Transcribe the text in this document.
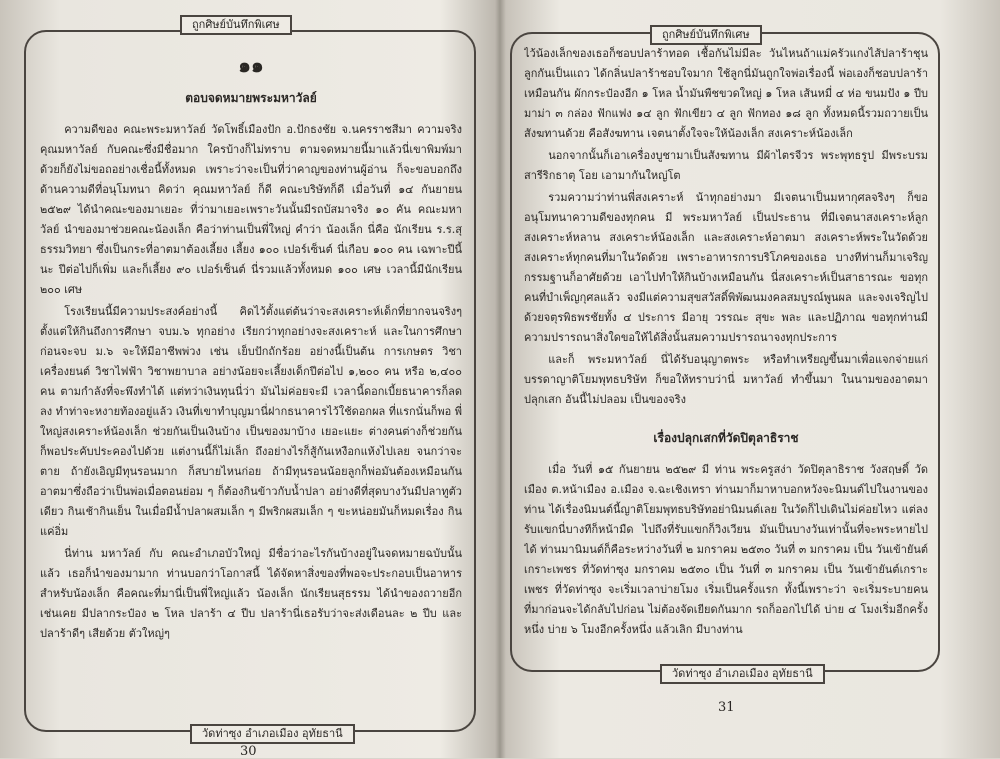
ถูกศิษย์บันทึกพิเศษ
๑๑
ตอบจดหมายพระมหาวัลย์

ความดีของ คณะพระมหาวัลย์ วัดโพธิ์เมืองปัก อ.ปักธงชัย จ.นครราชสีมา ความจริง คุณมหาวัลย์ กับคณะซึ่งมีชื่อมาก ใครบ้างก็ไม่ทราบ ตามจดหมายนี้มาแล้วนี่เขาพิมพ์มาด้วยก็ยังไม่ขอถอย่างเชื่อนี้ทั้งหมด เพราะว่าจะเป็นที่ว่าคาญของท่านผู้อ่าน ก็จะขอบอกถึงด้านความดีที่อนุโมทนา คิดว่า คุณมหาวัลย์ ก็ดี คณะบริษัทก็ดี เมื่อวันที่ ๑๔ กันยายน ๒๕๒๙ ได้นำคณะของมาเยอะ ที่ว่ามาเยอะเพราะวันนั้นมีรถบัสมาจริง ๑๐ คัน คณะมหาวัลย์ นำของมาช่วยคณะน้องเล็ก คือว่าท่านเป็นพี่ใหญ่ คำว่า น้องเล็ก นี่คือ นักเรียน ร.ร.สุธรรมวิทยา ซึ่งเป็นกระที่อาตมาต้องเลี้ยง เลี้ยง ๑๐๐ เปอร์เซ็นต์ นี่เกือบ ๑๐๐ คน เฉพาะปีนี้นะ ปีต่อไปก็เพิ่ม และก็เลี้ยง ๙๐ เปอร์เซ็นต์ นี่รวมแล้วทั้งหมด ๑๐๐ เศษ เวลานี้มีนักเรียน ๒๐๐ เศษ

โรงเรียนนี้มีความประสงค์อย่างนี้ คิดไว้ตั้งแต่ต้นว่าจะสงเคราะห์เด็กที่ยากจนจริงๆ ตั้งแต่ให้กินถึงการศึกษา จบม.๖ ทุกอย่าง เรียกว่าทุกอย่างจะสงเคราะห์ และในการศึกษาก่อนจะจบ ม.๖ จะให้มีอาชีพพ่วง เช่น เย็บปักถักร้อย อย่างนี้เป็นต้น การเกษตร วิชาเครื่องยนต์ วิชาไฟฟ้า วิชาพยาบาล อย่างน้อยจะเลี้ยงเด็กปีต่อไป ๑,๒๐๐ คน หรือ ๒,๔๐๐ คน ตามกำลังที่จะพึงทำได้ แต่ทว่าเงินทุนนี่ว่า มันไม่ค่อยจะมี เวลานี้ดอกเบี้ยธนาคารก็ลดลง ทำท่าจะหงายท้องอยู่แล้ว เงินที่เขาทำบุญมานี่ฝากธนาคารไว้ใช้ดอกผล ที่แรกนั่นก็พอ พี่ใหญ่สงเคราะห์น้องเล็ก ช่วยกันเป็นเงินบ้าง เป็นของมาบ้าง เยอะแยะ ต่างคนต่างก็ช่วยกัน ก็พอประคับประคองไปด้วย แต่งานนี้ก็ไม่เล็ก ถึงอย่างไรก็สู้กันเหงือกแห้งไปเลย จนกว่าจะตาย ถ้ายังเอิญมีทุนรอนมาก ก็สบายไหนก่อย ถ้ามีทุนรอนน้อยลูกก็พ่อมันต้องเหมือนกัน อาตมาซึ่งถือว่าเป็นพ่อเมื่อตอนย่อม ๆ ก็ต้องกินข้าวกับน้ำปลา อย่างดีที่สุดบางวันมีปลาทูตัวเดียว กินเช้ากินเย็น ในเมื่อมีน้ำปลาผสมเล็ก ๆ มีพริกผสมเล็ก ๆ ขะหน่อยมันก็หมดเรื่อง กินแค่อิ่ม

นี่ท่าน มหาวัลย์ กับ คณะอำเภอบัวใหญ่ มีชื่อว่าอะไรกันบ้างอยู่ในจดหมายฉบับนั้นแล้ว เธอก็นำของมามาก ท่านบอกว่าโอกาสนี้ ได้จัดหาสิ่งของที่พอจะประกอบเป็นอาหารสำหรับน้องเล็ก คือคณะที่มานี่เป็นพี่ใหญ่แล้ว น้องเล็ก นักเรียนสุธรรม ได้นำของถวายอีกเช่นเคย มีปลากระป๋อง ๒ โหล ปลาร้า ๔ ปีบ ปลาร้านี่เธอรับว่าจะส่งเดือนละ ๒ ปีบ และปลาร้าดีๆ เสียด้วย ตัวใหญ่ๆ

วัดท่าซุง อำเภอเมือง อุทัยธานี
30
ถูกศิษย์บันทึกพิเศษ

ไว้น้องเล็กของเธอก็ชอบปลาร้าทอด เชื้อกันไม่มีละ วันไหนถ้าแม่ครัวแกงไส้ปลาร้าชุนลูกกันเป็นแถว ได้กลิ่นปลาร้าชอบใจมาก ใช้ลูกนี่มันถูกใจพ่อเรื่องนี้ พ่อเองก็ชอบปลาร้าเหมือนกัน ผักกระป๋องอีก ๑ โหล น้ำมันพืชขวดใหญ่ ๑ โหล เส้นหมี่ ๔ ห่อ ขนมปัง ๑ ปีบ มาม่า ๓ กล่อง ฟักแฟง ๑๔ ลูก ฟักเขียว ๔ ลูก ฟักทอง ๑๘ ลูก ทั้งหมดนี้รวมถวายเป็นสังฆทานด้วย คือสังฆทาน เจตนาตั้งใจจะให้น้องเล็ก สงเคราะห์น้องเล็ก

นอกจากนั้นก็เอาเครื่องบูชามาเป็นสังฆทาน มีผ้าไตรจีวร พระพุทธรูป มีพระบรมสารีริกธาตุ โอย เอามากันใหญ่โต

รวมความว่าท่านพี่สงเคราะห์ น้าทุกอย่างมา มีเจตนาเป็นมหากุศลจริงๆ ก็ขออนุโมทนาความดีของทุกคน มี พระมหาวัลย์ เป็นประธาน ที่มีเจตนาสงเคราะห์ลูก สงเคราะห์หลาน สงเคราะห์น้องเล็ก และสงเคราะห์อาตมา สงเคราะห์พระในวัดด้วย สงเคราะห์ทุกคนที่มาในวัดด้วย เพราะอาหารการบริโภคของเธอ บางทีท่านก็มาเจริญกรรมฐานก็อาศัยด้วย เอาไปทำให้กินบ้างเหมือนกัน นี่สงเคราะห์เป็นสาธารณะ ขอทุกคนที่บำเพ็ญกุศลแล้ว จงมีแต่ความสุขสวัสดิ์พิพัฒนมงคลสมบูรณ์พูนผล และจงเจริญไปด้วยจตุรพิธพรชัยทั้ง ๔ ประการ มีอายุ วรรณะ สุขะ พละ และปฏิภาณ ขอทุกท่านมีความปรารถนาสิ่งใดขอให้ได้สิ่งนั้นสมความปรารถนาจงทุกประการ

และก็ พระมหาวัลย์ นี่ได้รับอนุญาตพระ หรือทำเหรียญขึ้นมาเพื่อแจกจ่ายแก่บรรดาญาติโยมพุทธบริษัท ก็ขอให้ทราบว่านี่ มหาวัลย์ ทำขึ้นมา ในนามของอาตมาปลุกเสก อันนี้ไม่ปลอม เป็นของจริง

เรื่องปลุกเสกที่วัดปิตุลาธิราช

เมื่อ วันที่ ๑๕ กันยายน ๒๕๒๙ มี ท่าน พระครูสง่า วัดปิตุลาธิราช วังสฤษดิ์ วัดเมือง ต.หน้าเมือง อ.เมือง จ.ฉะเชิงเทรา ท่านมาก็มาหาบอกหวังจะนิมนต์ไปในงานของท่าน ได้เรื่องนิมนต์นี้ญาติโยมพุทธบริษัทอย่านิมนต์เลย ในวัดก็ไปเดินไม่ค่อยไหว แต่ลงรับแขกนี่บางทีก็หน้ามืด ไปถึงที่รับแขกก็วิงเวียน มันเป็นบางวันเท่านั้นที่จะพระหายไปได้ ท่านมานิมนต์ก็คือระหว่างวันที่ ๒ มกราคม ๒๕๓๐ วันที่ ๓ มกราคม เป็น วันเข้ายันต์เกราะเพชร ที่วัดท่าซุง มกราคม ๒๕๓๐ เป็น วันที่ ๓ มกราคม เป็น วันเข้ายันต์เกราะเพชร ที่วัดท่าซุง จะเริ่มเวลาบ่ายโมง เริ่มเป็นครั้งแรก ทั้งนี้เพราะว่า จะเริ่มระบายคนที่มาก่อนจะได้กลับไปก่อน ไม่ต้องจัดเยียดกันมาก รถก็ออกไปได้ บ่าย ๔ โมงเริ่มอีกครั้งหนึ่ง บ่าย ๖ โมงอีกครั้งหนึ่ง แล้วเลิก มีบางท่าน

วัดท่าซุง อำเภอเมือง อุทัยธานี
31
